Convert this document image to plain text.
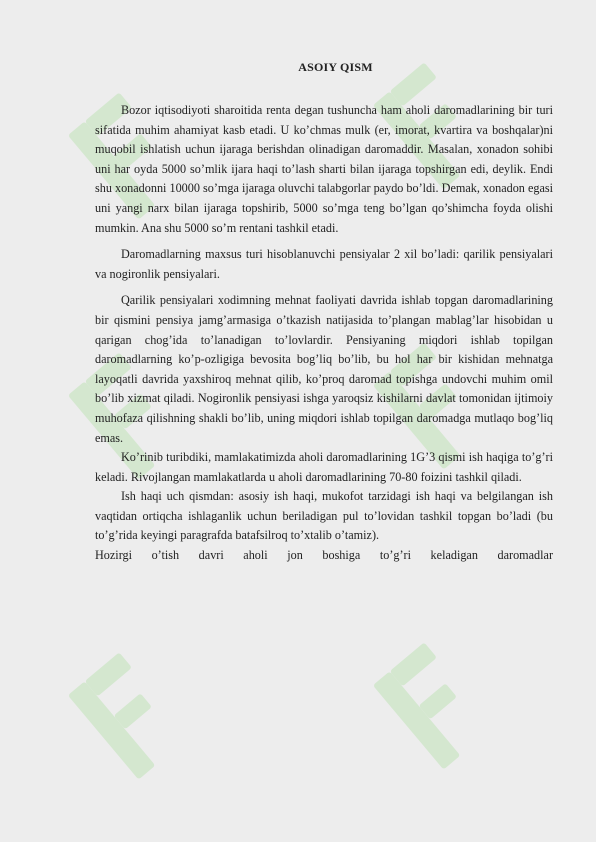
ASOIY QISM

Bozor iqtisodiyoti sharoitida renta degan tushuncha ham aholi daromadlarining bir turi sifatida muhim ahamiyat kasb etadi. U ko’chmas mulk (er, imorat, kvartira va boshqalar)ni muqobil ishlatish uchun ijaraga berishdan olinadigan daromaddir. Masalan, xonadon sohibi uni har oyda 5000 so’mlik ijara haqi to’lash sharti bilan ijaraga topshirgan edi, deylik. Endi shu xonadonni 10000 so’mga ijaraga oluvchi talabgorlar paydo bo’ldi. Demak, xonadon egasi uni yangi narx bilan ijaraga topshirib, 5000 so’mga teng bo’lgan qo’shimcha foyda olishi mumkin. Ana shu 5000 so’m rentani tashkil etadi.

Daromadlarning maxsus turi hisoblanuvchi pensiyalar 2 xil bo’ladi: qarilik pensiyalari va nogironlik pensiyalari.

Qarilik pensiyalari xodimning mehnat faoliyati davrida ishlab topgan daromadlarining bir qismini pensiya jamg’armasiga o’tkazish natijasida to’plangan mablag’lar hisobidan u qarigan chog’ida to’lanadigan to’lovlardir. Pensiyaning miqdori ishlab topilgan daromadlarning ko’p-ozligiga bevosita bog’liq bo’lib, bu hol har bir kishidan mehnatga layoqatli davrida yaxshiroq mehnat qilib, ko’proq daromad topishga undovchi muhim omil bo’lib xizmat qiladi. Nogironlik pensiyasi ishga yaroqsiz kishilarni davlat tomonidan ijtimoiy muhofaza qilishning shakli bo’lib, uning miqdori ishlab topilgan daromadga mutlaqo bog’liq emas.

Ko’rinib turibdiki, mamlakatimizda aholi daromadlarining 1G’3 qismi ish haqiga to’g’ri keladi. Rivojlangan mamlakatlarda u aholi daromadlarining 70-80 foizini tashkil qiladi.

Ish haqi uch qismdan: asosiy ish haqi, mukofot tarzidagi ish haqi va belgilangan ish vaqtidan ortiqcha ishlaganlik uchun beriladigan pul to’lovidan tashkil topgan bo’ladi (bu to’g’rida keyingi paragrafda batafsilroq to’xtalib o’tamiz).

Hozirgi o’tish davri aholi jon boshiga to’g’ri keladigan daromadlar
